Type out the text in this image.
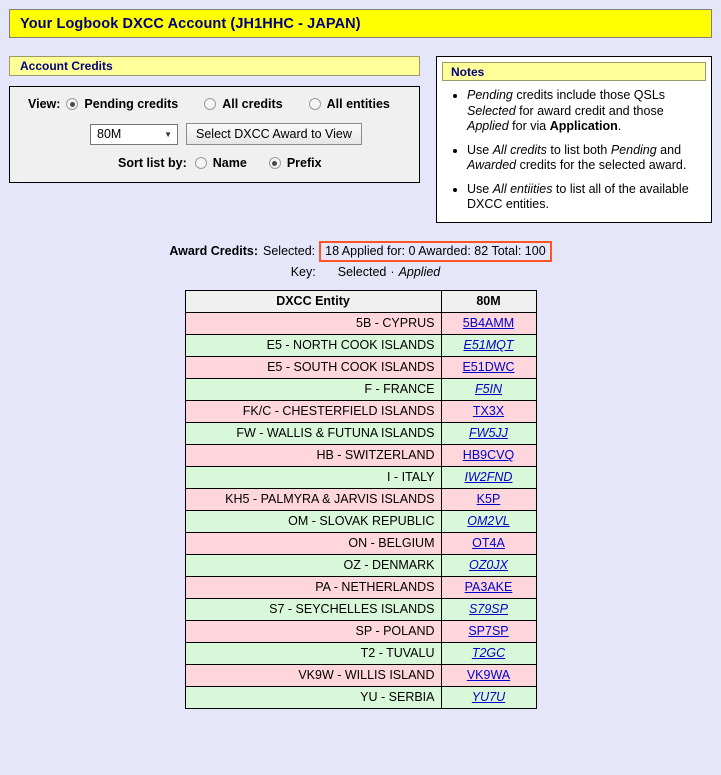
Your Logbook DXCC Account (JH1HHC - JAPAN)
Account Credits
View: Pending credits	All credits	All entities
80M	▼	Select DXCC Award to View
Sort list by: Name	Prefix
Notes
• Pending credits include those QSLs Selected for award credit and those Applied for via Application.
• Use All credits to list both Pending and Awarded credits for the selected award.
• Use All entiities to list all of the available DXCC entities.
Award Credits: Selected: 18 Applied for: 0 Awarded: 82 Total: 100
Key: Selected · Applied
DXCC Entity	80M
5B - CYPRUS	5B4AMM
E5 - NORTH COOK ISLANDS	E51MQT
E5 - SOUTH COOK ISLANDS	E51DWC
F - FRANCE	F5IN
FK/C - CHESTERFIELD ISLANDS	TX3X
FW - WALLIS & FUTUNA ISLANDS	FW5JJ
HB - SWITZERLAND	HB9CVQ
I - ITALY	IW2FND
KH5 - PALMYRA & JARVIS ISLANDS	K5P
OM - SLOVAK REPUBLIC	OM2VL
ON - BELGIUM	OT4A
OZ - DENMARK	OZ0JX
PA - NETHERLANDS	PA3AKE
S7 - SEYCHELLES ISLANDS	S79SP
SP - POLAND	SP7SP
T2 - TUVALU	T2GC
VK9W - WILLIS ISLAND	VK9WA
YU - SERBIA	YU7U
